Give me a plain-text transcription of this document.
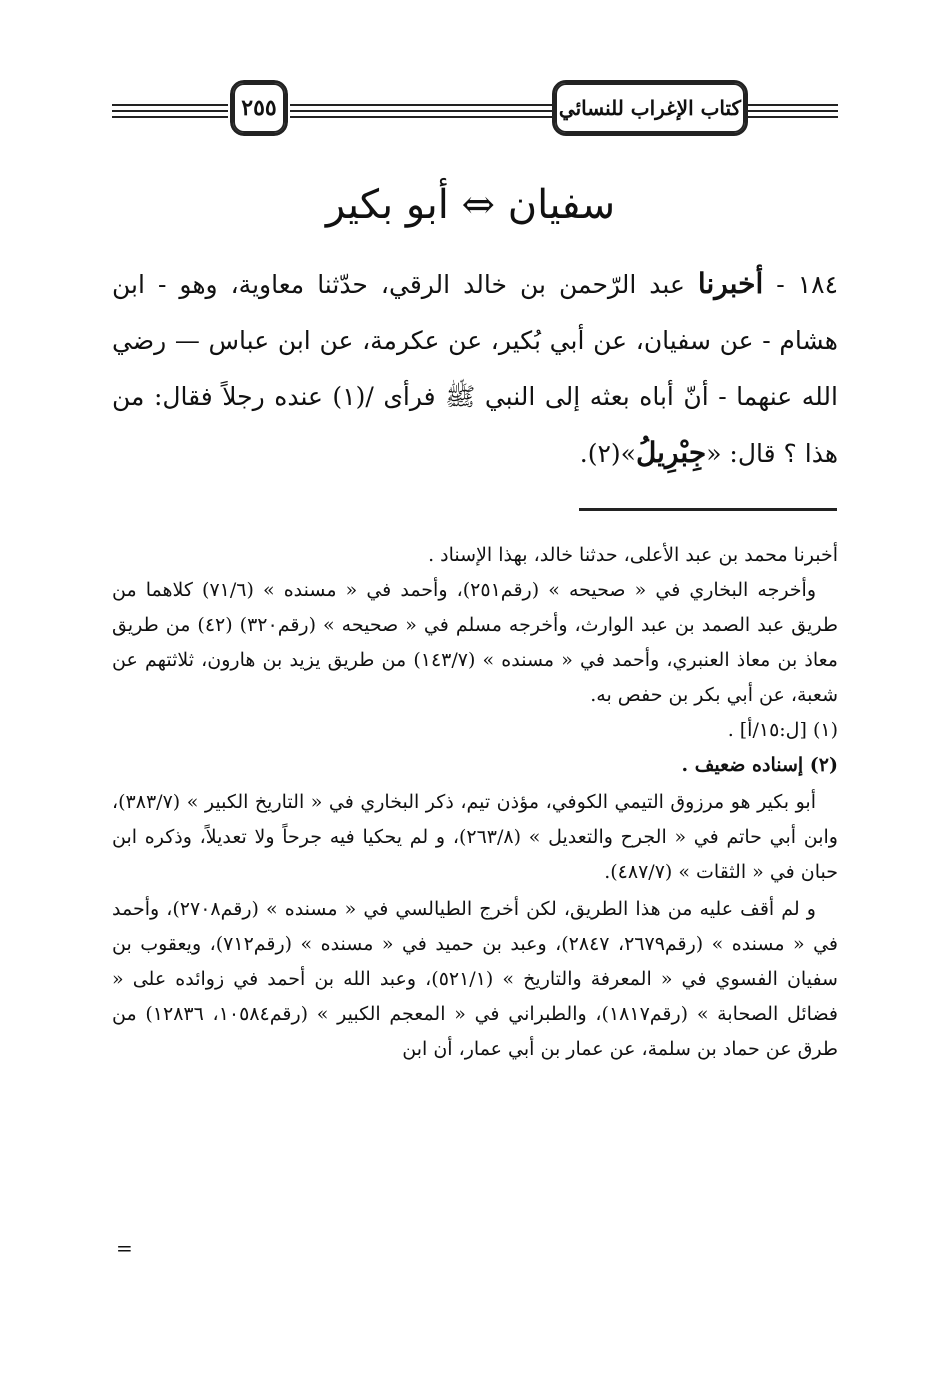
٢٥٥	كتاب الإغراب للنسائي
سفيان ⇔ أبو بكير
١٨٤ - أخبرنا عبد الرّحمن بن خالد الرقي، حدّثنا معاوية، وهو - ابن هشام - عن سفيان، عن أبي بُكير، عن عكرمة، عن ابن عباس — رضي الله عنهما - أنّ أباه بعثه إلى النبي ﷺ فرأى /(١) عنده رجلاً فقال: من هذا ؟ قال: «جِبْرِيلُ»(٢).

أخبرنا محمد بن عبد الأعلى، حدثنا خالد، بهذا الإسناد .

وأخرجه البخاري في « صحيحه » (رقم٢٥١)، وأحمد في « مسنده » (٧١/٦) كلاهما من طريق عبد الصمد بن عبد الوارث، وأخرجه مسلم في « صحيحه » (رقم٣٢٠) (٤٢) من طريق معاذ بن معاذ العنبري، وأحمد في « مسنده » (١٤٣/٧) من طريق يزيد بن هارون، ثلاثتهم عن شعبة، عن أبي بكر بن حفص به.

(١) [ل:١٥/أ] .

(٢) إسناده ضعيف .

أبو بكير هو مرزوق التيمي الكوفي، مؤذن تيم، ذكر البخاري في « التاريخ الكبير » (٣٨٣/٧)، وابن أبي حاتم في « الجرح والتعديل » (٢٦٣/٨)، و لم يحكيا فيه جرحاً ولا تعديلاً، وذكره ابن حبان في « الثقات » (٤٨٧/٧).

و لم أقف عليه من هذا الطريق، لكن أخرج الطيالسي في « مسنده » (رقم٢٧٠٨)، وأحمد في « مسنده » (رقم٢٦٧٩، ٢٨٤٧)، وعبد بن حميد في « مسنده » (رقم٧١٢)، ويعقوب بن سفيان الفسوي في « المعرفة والتاريخ » (٥٢١/١)، وعبد الله بن أحمد في زوائده على « فضائل الصحابة » (رقم١٨١٧)، والطبراني في « المعجم الكبير » (رقم١٠٥٨٤، ١٢٨٣٦) من طرق عن حماد بن سلمة، عن عمار بن أبي عمار، أن ابن

=
